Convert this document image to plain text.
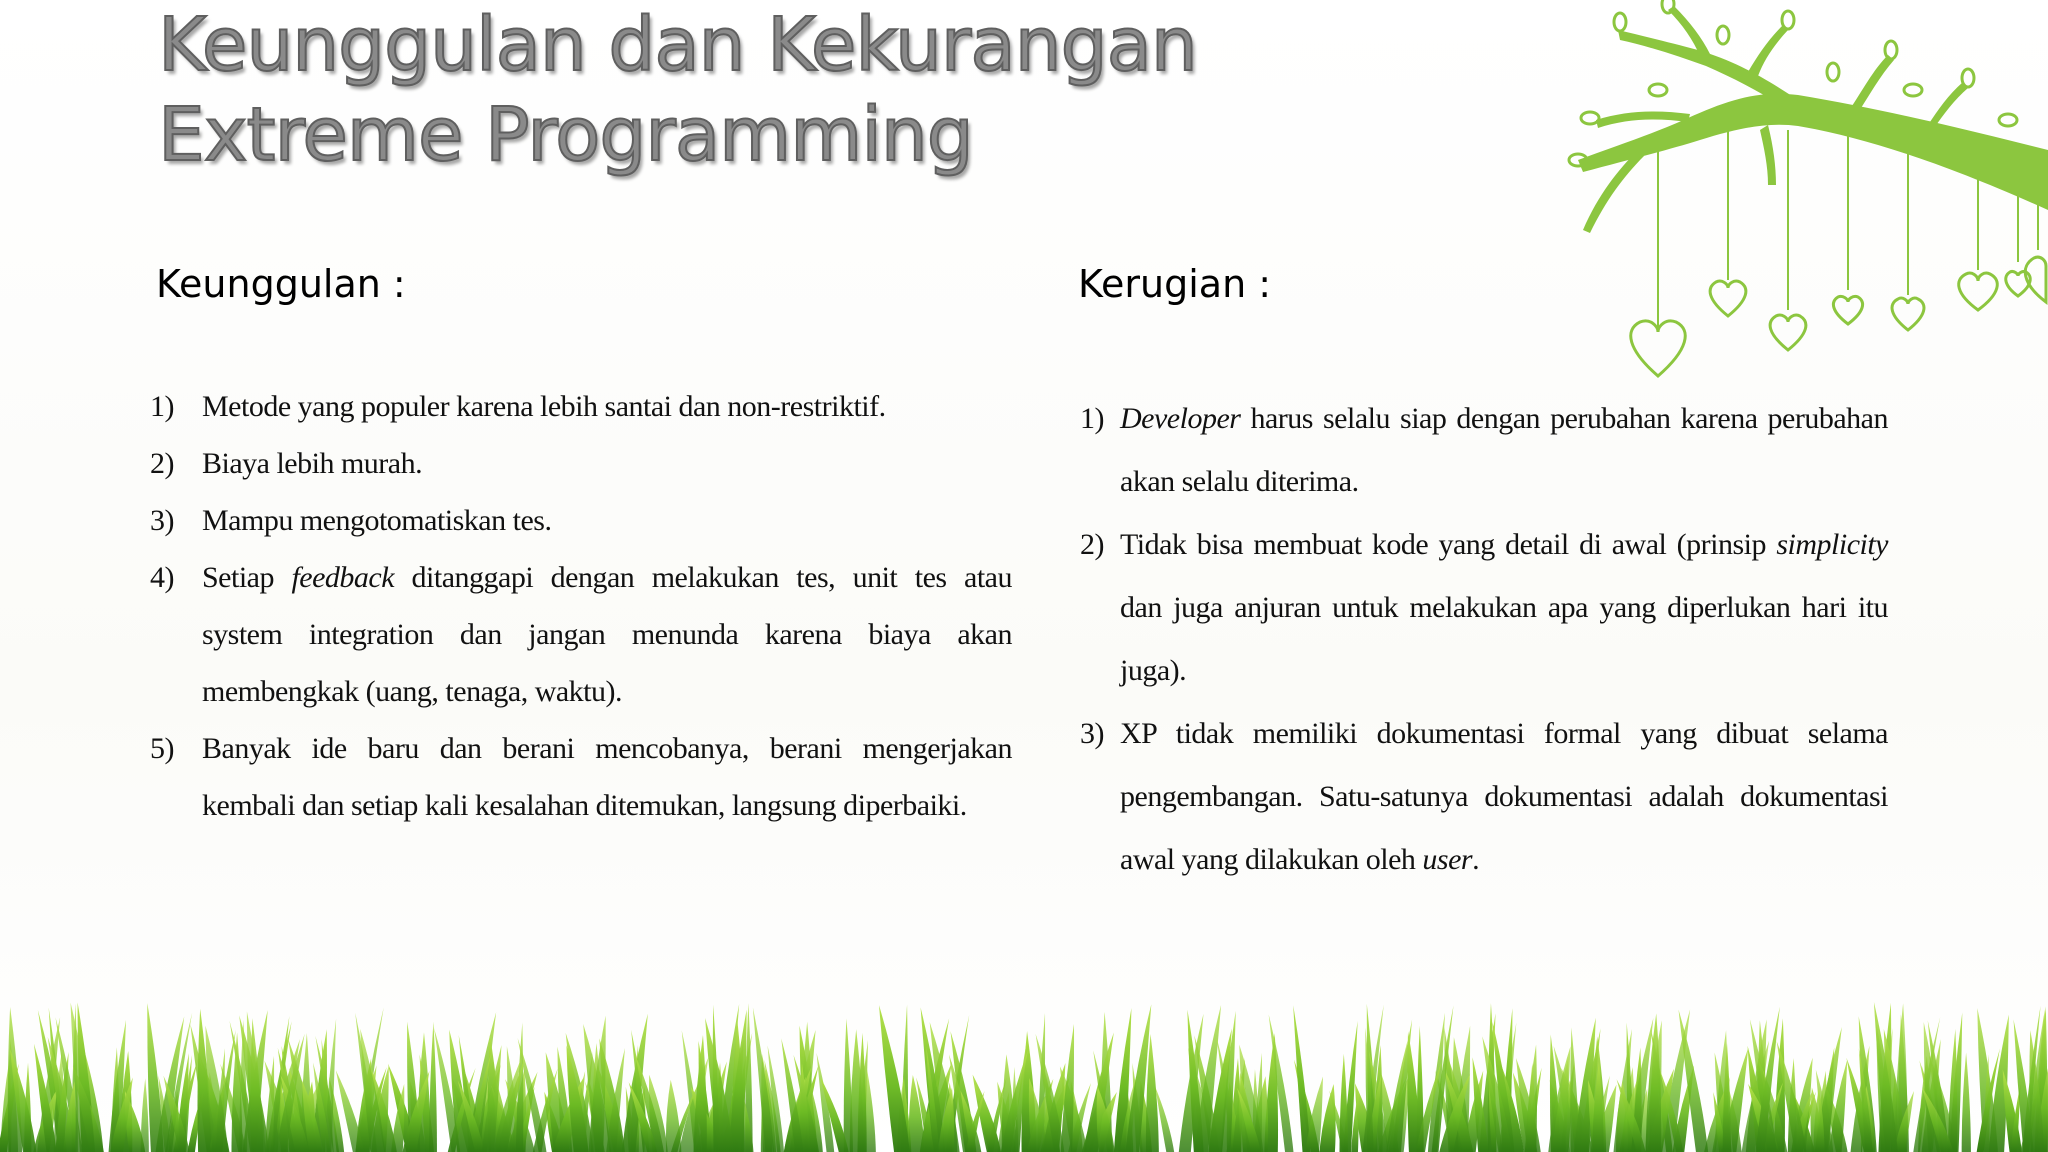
Keunggulan dan Kekurangan
Extreme Programming
Keunggulan :	Kerugian :
1) Metode yang populer karena lebih santai dan non-restriktif.
2) Biaya lebih murah.
3) Mampu mengotomatiskan tes.
4) Setiap feedback ditanggapi dengan melakukan tes, unit tes atau system integration dan jangan menunda karena biaya akan membengkak (uang, tenaga, waktu).
5) Banyak ide baru dan berani mencobanya, berani mengerjakan kembali dan setiap kali kesalahan ditemukan, langsung diperbaiki.
1) Developer harus selalu siap dengan perubahan karena perubahan akan selalu diterima.
2) Tidak bisa membuat kode yang detail di awal (prinsip simplicity dan juga anjuran untuk melakukan apa yang diperlukan hari itu juga).
3) XP tidak memiliki dokumentasi formal yang dibuat selama pengembangan. Satu-satunya dokumentasi adalah dokumentasi awal yang dilakukan oleh user.
